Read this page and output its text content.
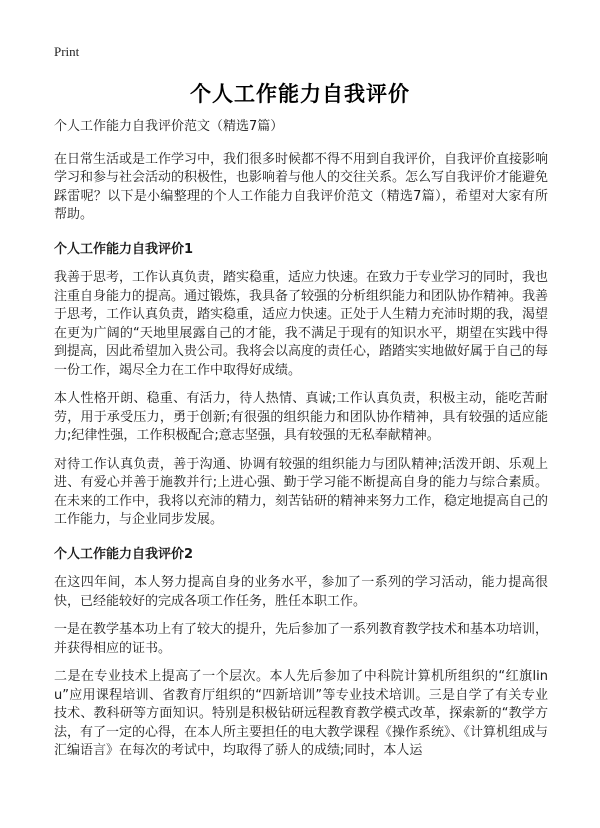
Print
个人工作能力自我评价

个人工作能力自我评价范文（精选7篇）

在日常生活或是工作学习中，我们很多时候都不得不用到自我评价，自我评价直接影响学习和参与社会活动的积极性，也影响着与他人的交往关系。怎么写自我评价才能避免踩雷呢？以下是小编整理的个人工作能力自我评价范文（精选7篇），希望对大家有所帮助。

个人工作能力自我评价1

我善于思考，工作认真负责，踏实稳重，适应力快速。在致力于专业学习的同时，我也注重自身能力的提高。通过锻炼，我具备了较强的分析组织能力和团队协作精神。我善于思考，工作认真负责，踏实稳重，适应力快速。正处于人生精力充沛时期的我，渴望在更为广阔的“天地里展露自己的才能，我不满足于现有的知识水平，期望在实践中得到提高，因此希望加入贵公司。我将会以高度的责任心，踏踏实实地做好属于自己的每一份工作，竭尽全力在工作中取得好成绩。

本人性格开朗、稳重、有活力，待人热情、真诚;工作认真负责，积极主动，能吃苦耐劳，用于承受压力，勇于创新;有很强的组织能力和团队协作精神，具有较强的适应能力;纪律性强，工作积极配合;意志坚强，具有较强的无私奉献精神。

对待工作认真负责，善于沟通、协调有较强的组织能力与团队精神;活泼开朗、乐观上进、有爱心并善于施教并行;上进心强、勤于学习能不断提高自身的能力与综合素质。在未来的工作中，我将以充沛的精力，刻苦钻研的精神来努力工作，稳定地提高自己的工作能力，与企业同步发展。

个人工作能力自我评价2

在这四年间，本人努力提高自身的业务水平，参加了一系列的学习活动，能力提高很快，已经能较好的完成各项工作任务，胜任本职工作。

一是在教学基本功上有了较大的提升，先后参加了一系列教育教学技术和基本功培训，并获得相应的证书。

二是在专业技术上提高了一个层次。本人先后参加了中科院计算机所组织的“红旗linu”应用课程培训、省教育厅组织的“四新培训”等专业技术培训。三是自学了有关专业技术、教科研等方面知识。特别是积极钻研远程教育教学模式改革，探索新的“教学方法，有了一定的心得，在本人所主要担任的电大教学课程《操作系统》、《计算机组成与汇编语言》在每次的考试中，均取得了骄人的成绩;同时，本人运
